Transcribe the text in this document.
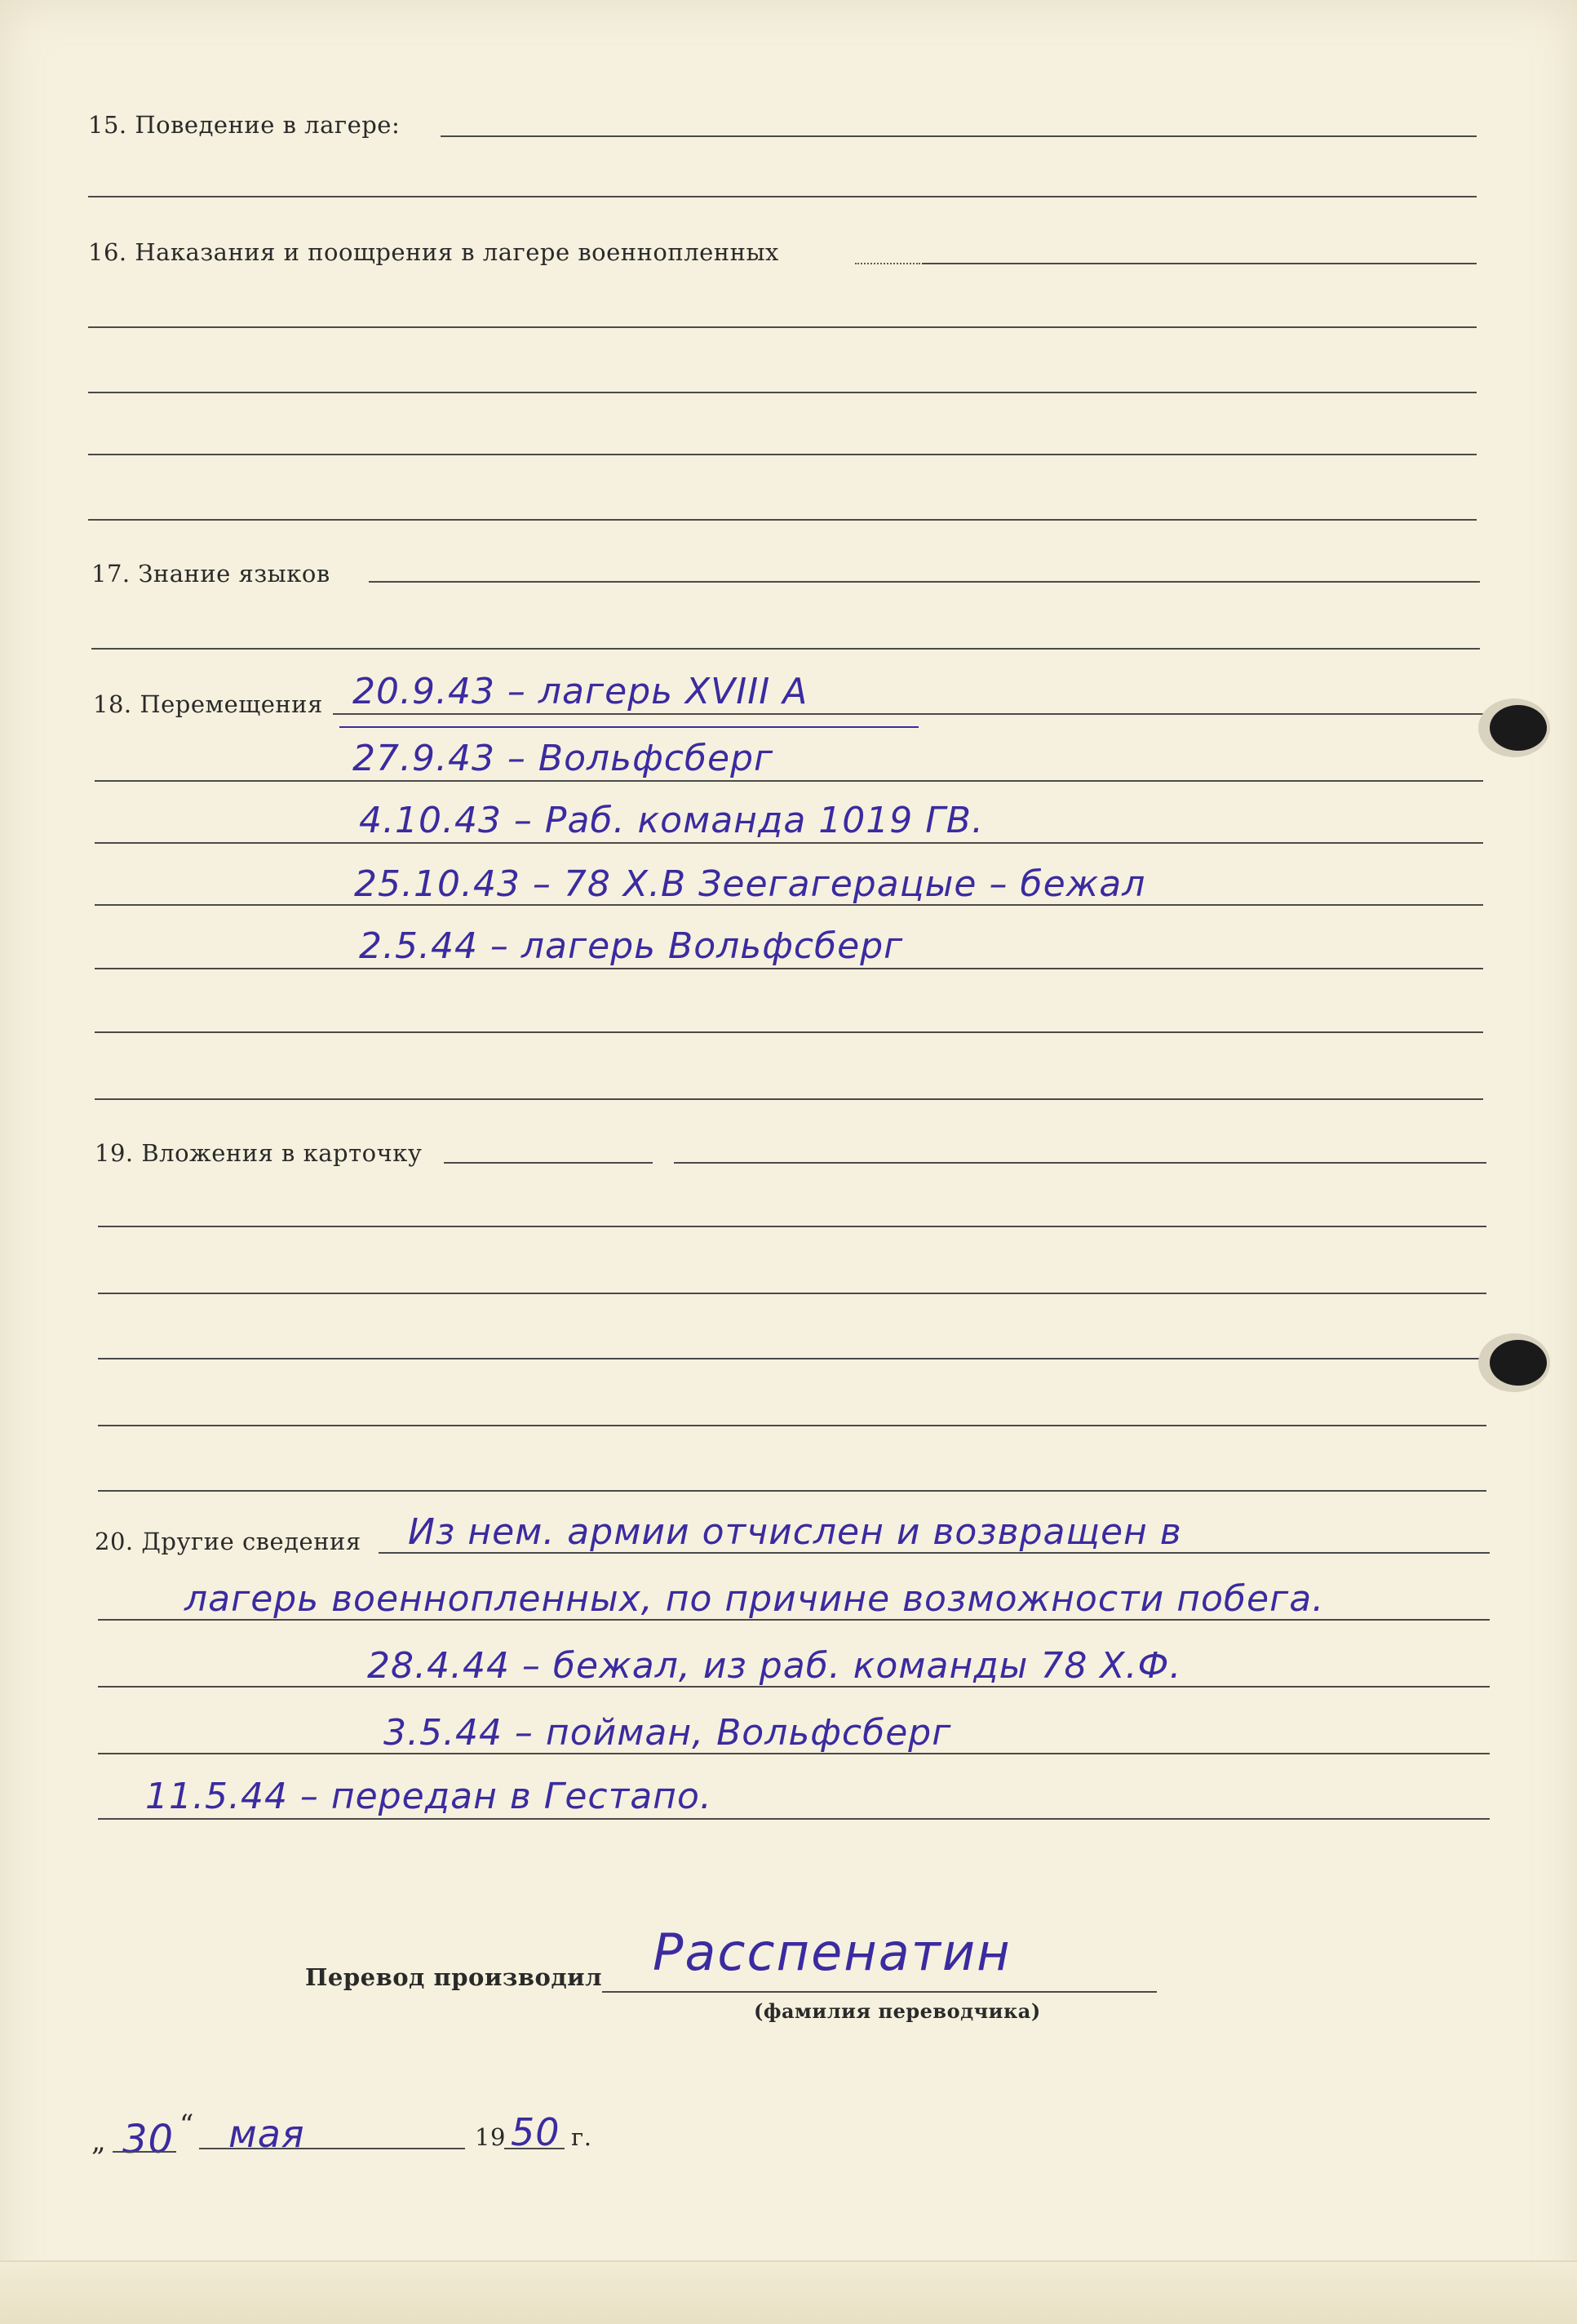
15. Поведение в лагере:
16. Наказания и поощрения в лагере военнопленных
17. Знание языков
18. Перемещения 20.9.43 – лагерь XVIII A
27.9.43 – Вольфсберг
4.10.43 – Раб. команда 1019 ГВ.
25.10.43 – 78 Х.В Зеегагерацые – бежал
2.5.44 – лагерь Вольфсберг
19. Вложения в карточку
20. Другие сведения Из нем. армии отчислен и возвращен в
лагерь военнопленных, по причине возможности побега.
28.4.44 – бежал, из раб. команды 78 Х.Ф.
3.5.44 – пойман, Вольфсберг
11.5.44 – передан в Гестапо.
Перевод производил Расспенатин
(фамилия переводчика)
„ 30 “ мая	19 50 г.
